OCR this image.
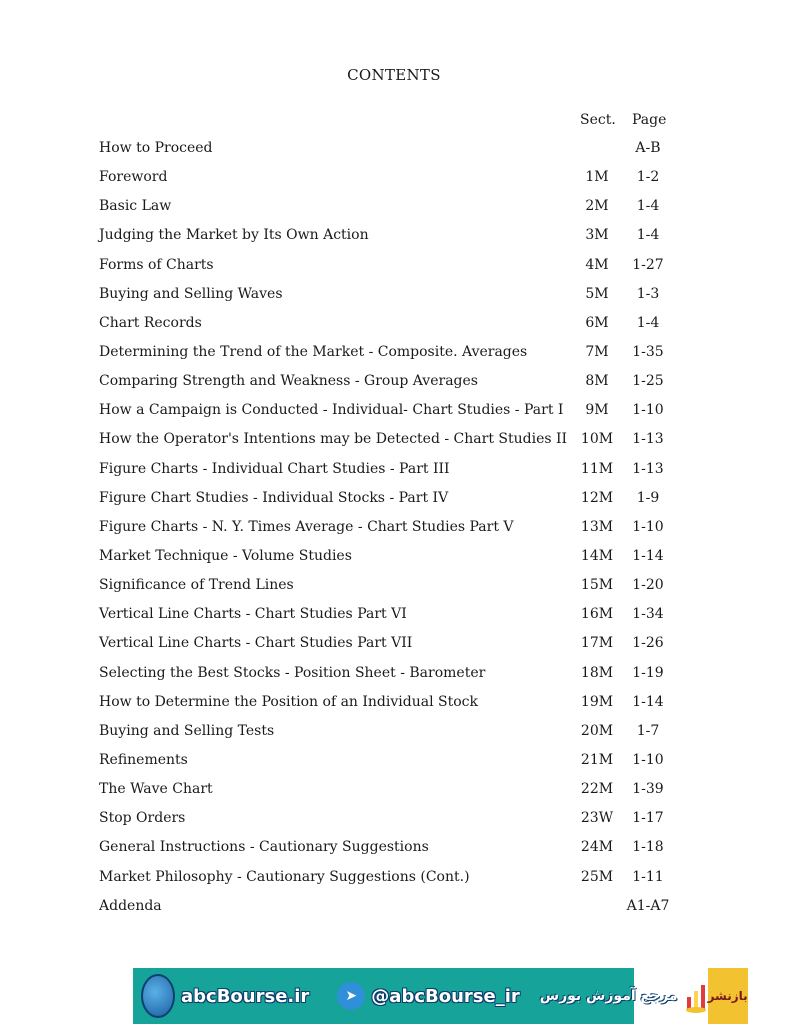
CONTENTS
Sect. Page
How to Proceed	A-B
Foreword	1M	1-2
Basic Law	2M	1-4
Judging the Market by Its Own Action	3M	1-4
Forms of Charts	4M	1-27
Buying and Selling Waves	5M	1-3
Chart Records	6M	1-4
Determining the Trend of the Market - Composite. Averages	7M	1-35
Comparing Strength and Weakness - Group Averages	8M	1-25
How a Campaign is Conducted - Individual- Chart Studies - Part I	9M	1-10
How the Operator's Intentions may be Detected - Chart Studies II 10M	1-13
Figure Charts - Individual Chart Studies - Part III	11M	1-13
Figure Chart Studies - Individual Stocks - Part IV	12M	1-9
Figure Charts - N. Y. Times Average - Chart Studies Part V	13M	1-10
Market Technique - Volume Studies	14M	1-14
Significance of Trend Lines	15M	1-20
Vertical Line Charts - Chart Studies Part VI	16M	1-34
Vertical Line Charts - Chart Studies Part VII	17M	1-26
Selecting the Best Stocks - Position Sheet - Barometer	18M	1-19
How to Determine the Position of an Individual Stock	19M	1-14
Buying and Selling Tests	20M	1-7
Refinements	21M	1-10
The Wave Chart	22M	1-39
Stop Orders	23W	1-17
General Instructions - Cautionary Suggestions	24M	1-18
Market Philosophy - Cautionary Suggestions (Cont.)	25M	1-11
Addenda	A1-A7
abcBourse.ir	➤ @abcBourse_ir مرجع آموزش بورس	بازنشر
